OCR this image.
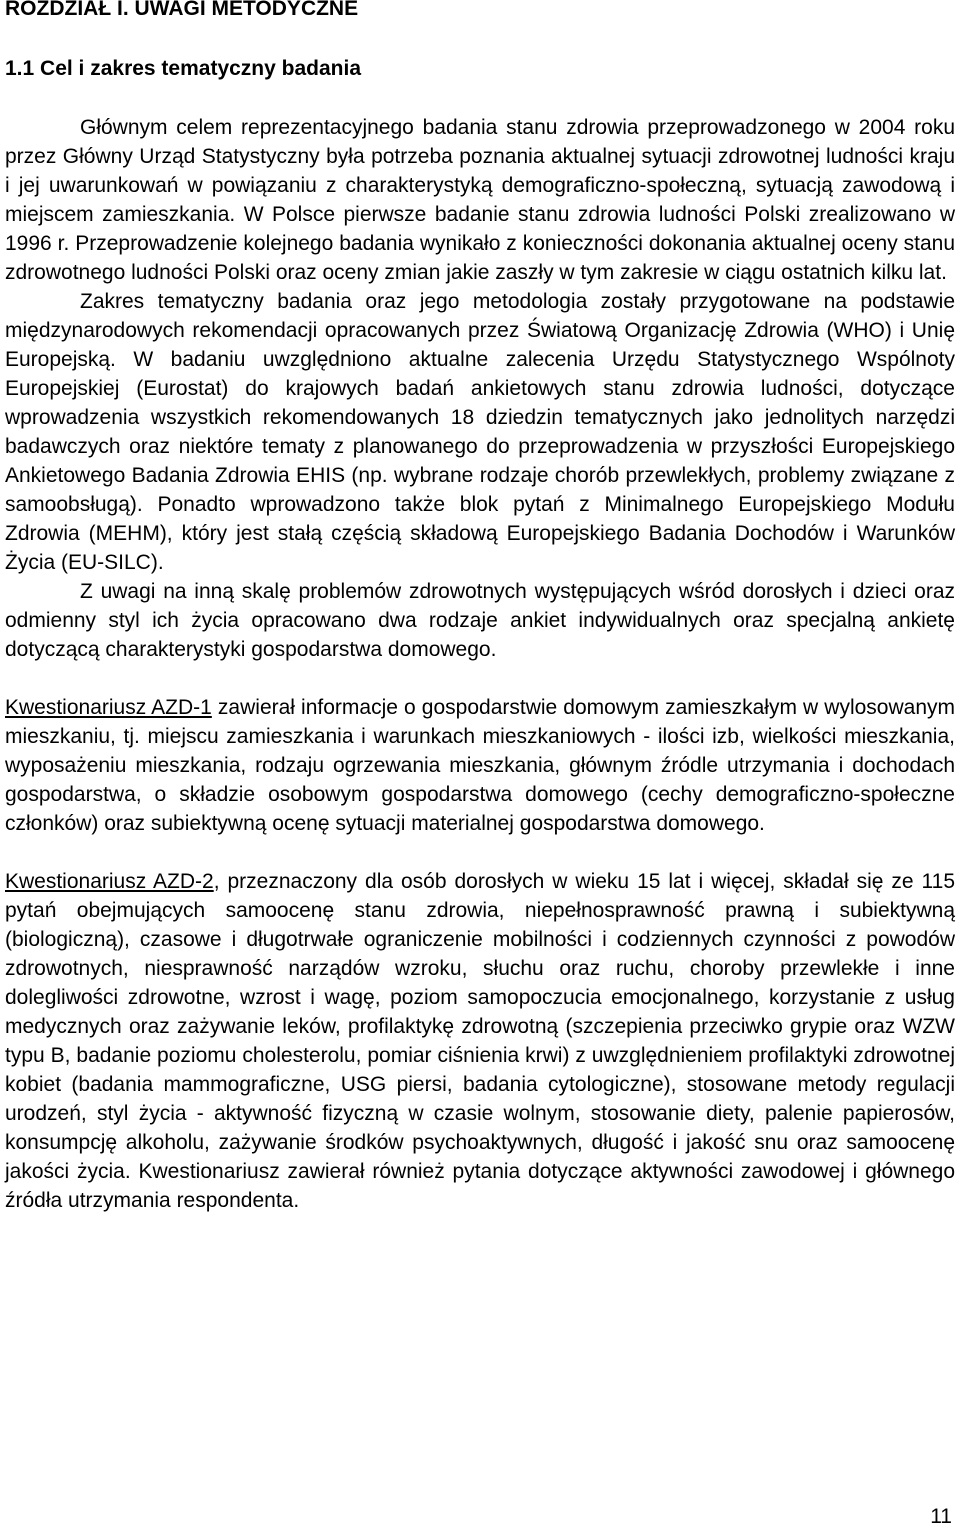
ROZDZIAŁ I. UWAGI METODYCZNE
1.1 Cel i zakres tematyczny badania

Głównym celem reprezentacyjnego badania stanu zdrowia przeprowadzonego w 2004 roku przez Główny Urząd Statystyczny była potrzeba poznania aktualnej sytuacji zdrowotnej ludności kraju i jej uwarunkowań w powiązaniu z charakterystyką demograficzno-społeczną, sytuacją zawodową i miejscem zamieszkania. W Polsce pierwsze badanie stanu zdrowia ludności Polski zrealizowano w 1996 r. Przeprowadzenie kolejnego badania wynikało z konieczności dokonania aktualnej oceny stanu zdrowotnego ludności Polski oraz oceny zmian jakie zaszły w tym zakresie w ciągu ostatnich kilku lat.

Zakres tematyczny badania oraz jego metodologia zostały przygotowane na podstawie międzynarodowych rekomendacji opracowanych przez Światową Organizację Zdrowia (WHO) i Unię Europejską. W badaniu uwzględniono aktualne zalecenia Urzędu Statystycznego Wspólnoty Europejskiej (Eurostat) do krajowych badań ankietowych stanu zdrowia ludności, dotyczące wprowadzenia wszystkich rekomendowanych 18 dziedzin tematycznych jako jednolitych narzędzi badawczych oraz niektóre tematy z planowanego do przeprowadzenia w przyszłości Europejskiego Ankietowego Badania Zdrowia EHIS (np. wybrane rodzaje chorób przewlekłych, problemy związane z samoobsługą). Ponadto wprowadzono także blok pytań z Minimalnego Europejskiego Modułu Zdrowia (MEHM), który jest stałą częścią składową Europejskiego Badania Dochodów i Warunków Życia (EU-SILC).

Z uwagi na inną skalę problemów zdrowotnych występujących wśród dorosłych i dzieci oraz odmienny styl ich życia opracowano dwa rodzaje ankiet indywidualnych oraz specjalną ankietę dotyczącą charakterystyki gospodarstwa domowego.

Kwestionariusz AZD-1 zawierał informacje o gospodarstwie domowym zamieszkałym w wylosowanym mieszkaniu, tj. miejscu zamieszkania i warunkach mieszkaniowych - ilości izb, wielkości mieszkania, wyposażeniu mieszkania, rodzaju ogrzewania mieszkania, głównym źródle utrzymania i dochodach gospodarstwa, o składzie osobowym gospodarstwa domowego (cechy demograficzno-społeczne członków) oraz subiektywną ocenę sytuacji materialnej gospodarstwa domowego.

Kwestionariusz AZD-2, przeznaczony dla osób dorosłych w wieku 15 lat i więcej, składał się ze 115 pytań obejmujących samoocenę stanu zdrowia, niepełnosprawność prawną i subiektywną (biologiczną), czasowe i długotrwałe ograniczenie mobilności i codziennych czynności z powodów zdrowotnych, niesprawność narządów wzroku, słuchu oraz ruchu, choroby przewlekłe i inne dolegliwości zdrowotne, wzrost i wagę, poziom samopoczucia emocjonalnego, korzystanie z usług medycznych oraz zażywanie leków, profilaktykę zdrowotną (szczepienia przeciwko grypie oraz WZW typu B, badanie poziomu cholesterolu, pomiar ciśnienia krwi) z uwzględnieniem profilaktyki zdrowotnej kobiet (badania mammograficzne, USG piersi, badania cytologiczne), stosowane metody regulacji urodzeń, styl życia - aktywność fizyczną w czasie wolnym, stosowanie diety, palenie papierosów, konsumpcję alkoholu, zażywanie środków psychoaktywnych, długość i jakość snu oraz samoocenę jakości życia. Kwestionariusz zawierał również pytania dotyczące aktywności zawodowej i głównego źródła utrzymania respondenta.

11
